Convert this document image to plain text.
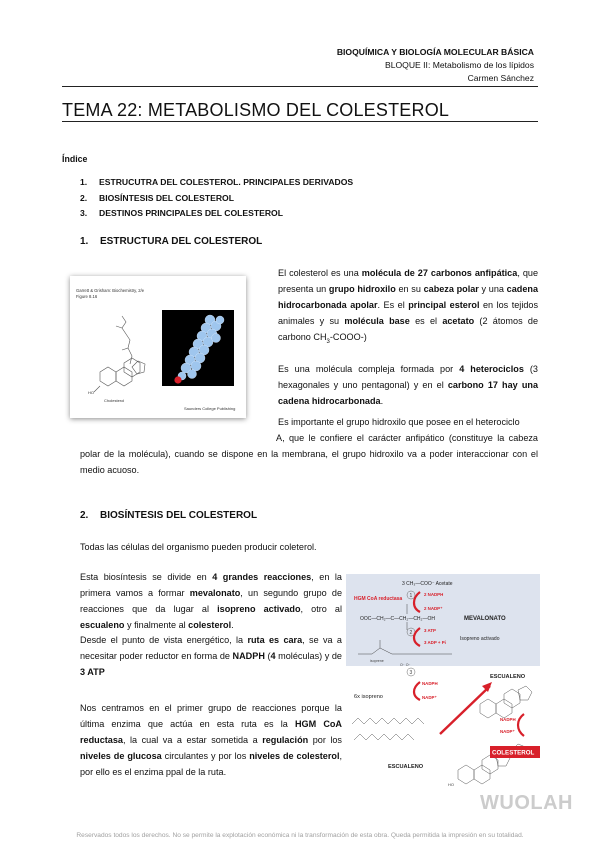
BIOQUÍMICA Y BIOLOGÍA MOLECULAR BÁSICA
BLOQUE II: Metabolismo de los lípidos
Carmen Sánchez
TEMA 22: METABOLISMO DEL COLESTEROL
Índice
1. ESTRUCUTRA DEL COLESTEROL. PRINCIPALES DERIVADOS
2. BIOSÍNTESIS DEL COLESTEROL
3. DESTINOS PRINCIPALES DEL COLESTEROL
1. ESTRUCTURA DEL COLESTEROL
Garrett & Grisham: Biochemistry, 2/e
Figure 8.16
HO
Cholesterol
Saunders College Publishing
El colesterol es una molécula de 27 carbonos anfipática, que presenta un grupo hidroxilo en su cabeza polar y una cadena hidrocarbonada apolar. Es el principal esterol en los tejidos animales y su molécula base es el acetato (2 átomos de carbono $CH_3-COOO-$)
Es una molécula compleja formada por 4 heterociclos (3 hexagonales y uno pentagonal) y en el carbono 17 hay una cadena hidrocarbonada.
Es importante el grupo hidroxilo que posee en el heterociclo
A, que le confiere el carácter anfipático (constituye la cabeza polar de la molécula), cuando se dispone en la membrana, el grupo hidroxilo va a poder interaccionar con el medio acuoso.
2. BIOSÍNTESIS DEL COLESTEROL
Todas las células del organismo pueden producir coleterol.
Esta biosíntesis se divide en 4 grandes reacciones, en la primera vamos a formar mevalonato, un segundo grupo de reacciones que da lugar al isopreno activado, otro al escualeno y finalmente al colesterol.
Desde el punto de vista energético, la ruta es cara, se va a necesitar poder reductor en forma de NADPH (4 moléculas) y de 3 ATP
Nos centramos en el primer grupo de reacciones porque la última enzima que actúa en esta ruta es la HGM CoA reductasa, la cual va a estar sometida a regulación por los niveles de glucosa circulantes y por los niveles de colesterol, por ello es el enzima ppal de la ruta.
3 CH₃—COO⁻ Acetate
HGM CoA reductasa 1	2 NADPH
2 NADP⁺
MEVALONATO
OOC—CH₂—C—CH₂—CH₂—OH
2	3 ATP
3 ADP + Pi
Isopreno activado
isoprene
O⁻ O⁻
3
6x isopreno
NADPH
NADP⁺
ESCUALENO
ESCUALENO
NADPH
NADP⁺
HO
COLESTEROL
WUOLAH
Reservados todos los derechos. No se permite la explotación económica ni la transformación de esta obra. Queda permitida la impresión en su totalidad.
